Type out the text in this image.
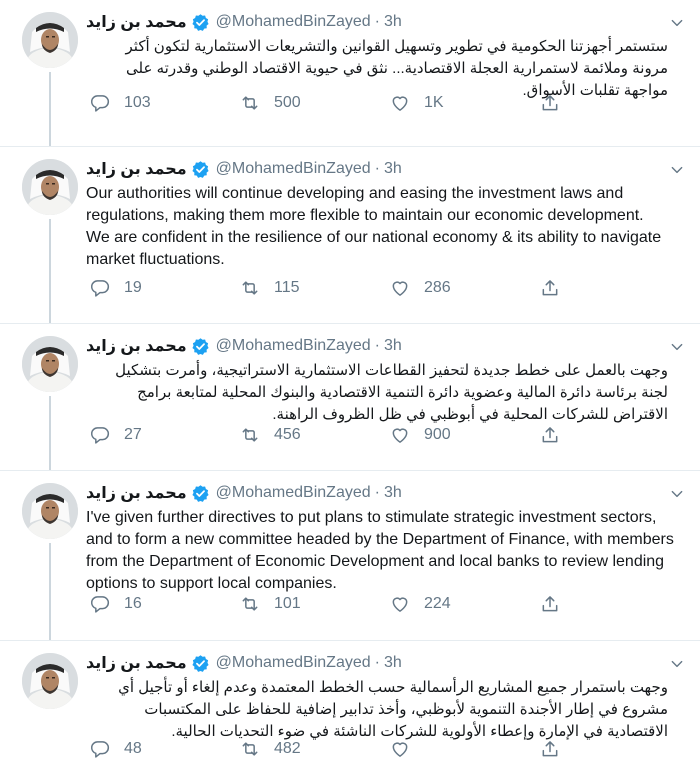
محمد بن زايد @MohamedBinZayed · 3h
ستستمر أجهزتنا الحكومية في تطوير وتسهيل القوانين والتشريعات الاستثمارية لتكون أكثر مرونة وملائمة لاستمرارية العجلة الاقتصادية... نثق في حيوية الاقتصاد الوطني وقدرته على مواجهة تقلبات الأسواق.
103	500	1K
محمد بن زايد @MohamedBinZayed · 3h
Our authorities will continue developing and easing the investment laws and regulations, making them more flexible to maintain our economic development.
We are confident in the resilience of our national economy & its ability to navigate market fluctuations.
19	115	286
محمد بن زايد @MohamedBinZayed · 3h
وجهت بالعمل على خطط جديدة لتحفيز القطاعات الاستثمارية الاستراتيجية، وأمرت بتشكيل لجنة برئاسة دائرة المالية وعضوية دائرة التنمية الاقتصادية والبنوك المحلية لمتابعة برامج الاقتراض للشركات المحلية في أبوظبي في ظل الظروف الراهنة.
27	456	900
محمد بن زايد @MohamedBinZayed · 3h
I've given further directives to put plans to stimulate strategic investment sectors, and to form a new committee headed by the Department of Finance, with members from the Department of Economic Development and local banks to review lending options to support local companies.
16	101	224
محمد بن زايد @MohamedBinZayed · 3h
وجهت باستمرار جميع المشاريع الرأسمالية حسب الخطط المعتمدة وعدم إلغاء أو تأجيل أي مشروع في إطار الأجندة التنموية لأبوظبي، وأخذ تدابير إضافية للحفاظ على المكتسبات الاقتصادية في الإمارة وإعطاء الأولوية للشركات الناشئة في ضوء التحديات الحالية.
48	482
